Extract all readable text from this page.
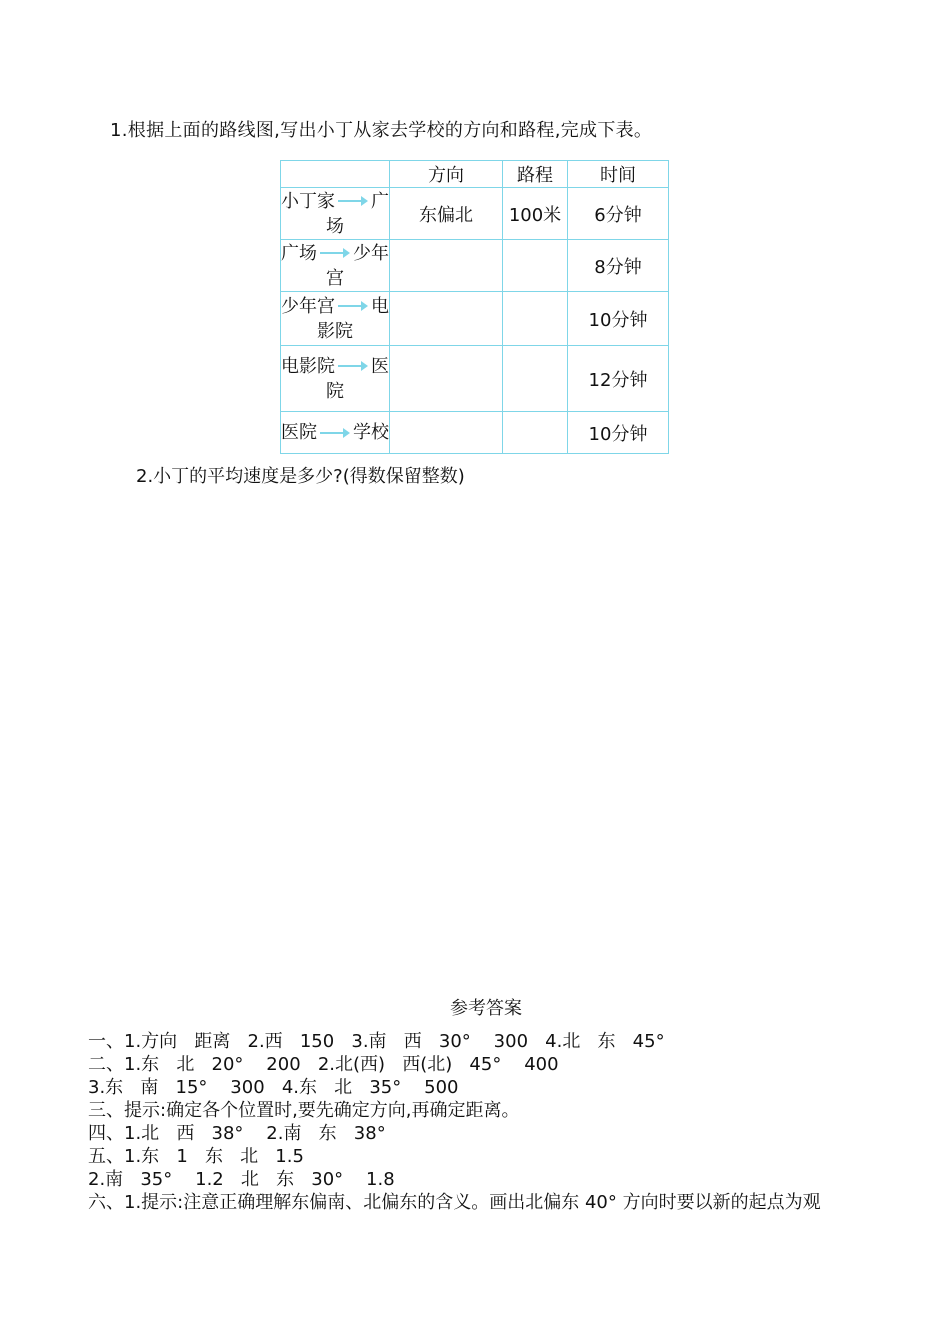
1.根据上面的路线图,写出小丁从家去学校的方向和路程,完成下表。
	方向	路程	时间

小丁家 广
场	东偏北	100米	6分钟

广场 少年
宫			8分钟

少年宫 电
影院			10分钟

电影院 医
院			12分钟

医院 学校			10分钟
2.小丁的平均速度是多少?(得数保留整数)
参考答案
一、1.方向   距离   2.西   150   3.南   西   30°    300   4.北   东   45°
二、1.东   北   20°    200   2.北(西)   西(北)   45°    400
3.东   南   15°    300   4.东   北   35°    500
三、提示:确定各个位置时,要先确定方向,再确定距离。
四、1.北   西   38°    2.南   东   38°
五、1.东   1   东   北   1.5
2.南   35°    1.2   北   东   30°    1.8
六、1.提示:注意正确理解东偏南、北偏东的含义。画出北偏东 40° 方向时要以新的起点为观
